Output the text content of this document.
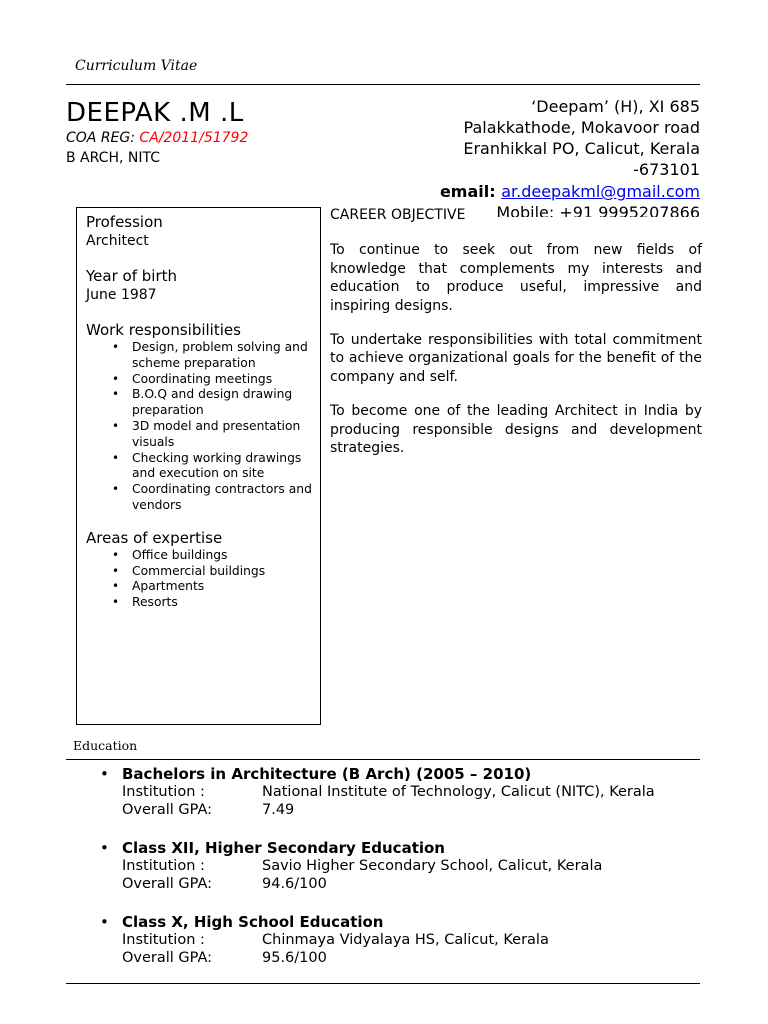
Curriculum Vitae
DEEPAK .M .L
COA REG: CA/2011/51792
B ARCH, NITC
‘Deepam’ (H), XI 685
Palakkathode, Mokavoor road
Eranhikkal PO, Calicut, Kerala
-673101
email: ar.deepakml@gmail.com
Mobile: +91 9995207866
Profession
Architect
Year of birth
June 1987
Work responsibilities
• Design, problem solving and scheme preparation
• Coordinating meetings
• B.O.Q and design drawing preparation
• 3D model and presentation visuals
• Checking working drawings and execution on site
• Coordinating contractors and vendors
Areas of expertise
• Office buildings
• Commercial buildings
• Apartments
• Resorts
CAREER OBJECTIVE

To continue to seek out from new fields of knowledge that complements my interests and education to produce useful, impressive and inspiring designs.

To undertake responsibilities with total commitment to achieve organizational goals for the benefit of the company and self.

To become one of the leading Architect in India by producing responsible designs and development strategies.

Education
• Bachelors in Architecture (B Arch) (2005 – 2010)
Institution :	National Institute of Technology, Calicut (NITC), Kerala
Overall GPA:	7.49
• Class XII, Higher Secondary Education
Institution :	Savio Higher Secondary School, Calicut, Kerala
Overall GPA:	94.6/100
• Class X, High School Education
Institution :	Chinmaya Vidyalaya HS, Calicut, Kerala
Overall GPA:	95.6/100
